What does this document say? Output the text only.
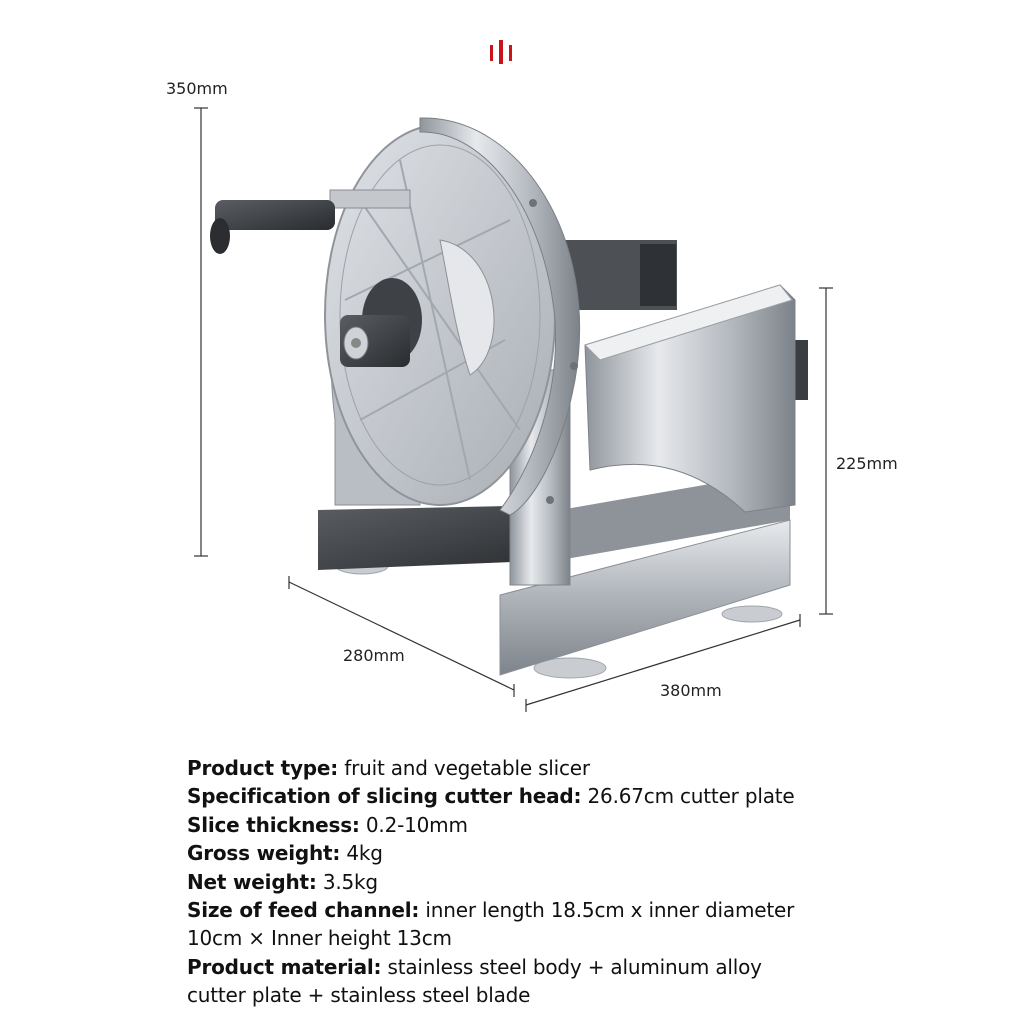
350mm
225mm
280mm
380mm
Product type: fruit and vegetable slicer
Specification of slicing cutter head: 26.67cm cutter plate
Slice thickness: 0.2-10mm
Gross weight: 4kg
Net weight: 3.5kg
Size of feed channel: inner length 18.5cm x inner diameter
10cm × Inner height 13cm
Product material: stainless steel body + aluminum alloy
cutter plate + stainless steel blade
